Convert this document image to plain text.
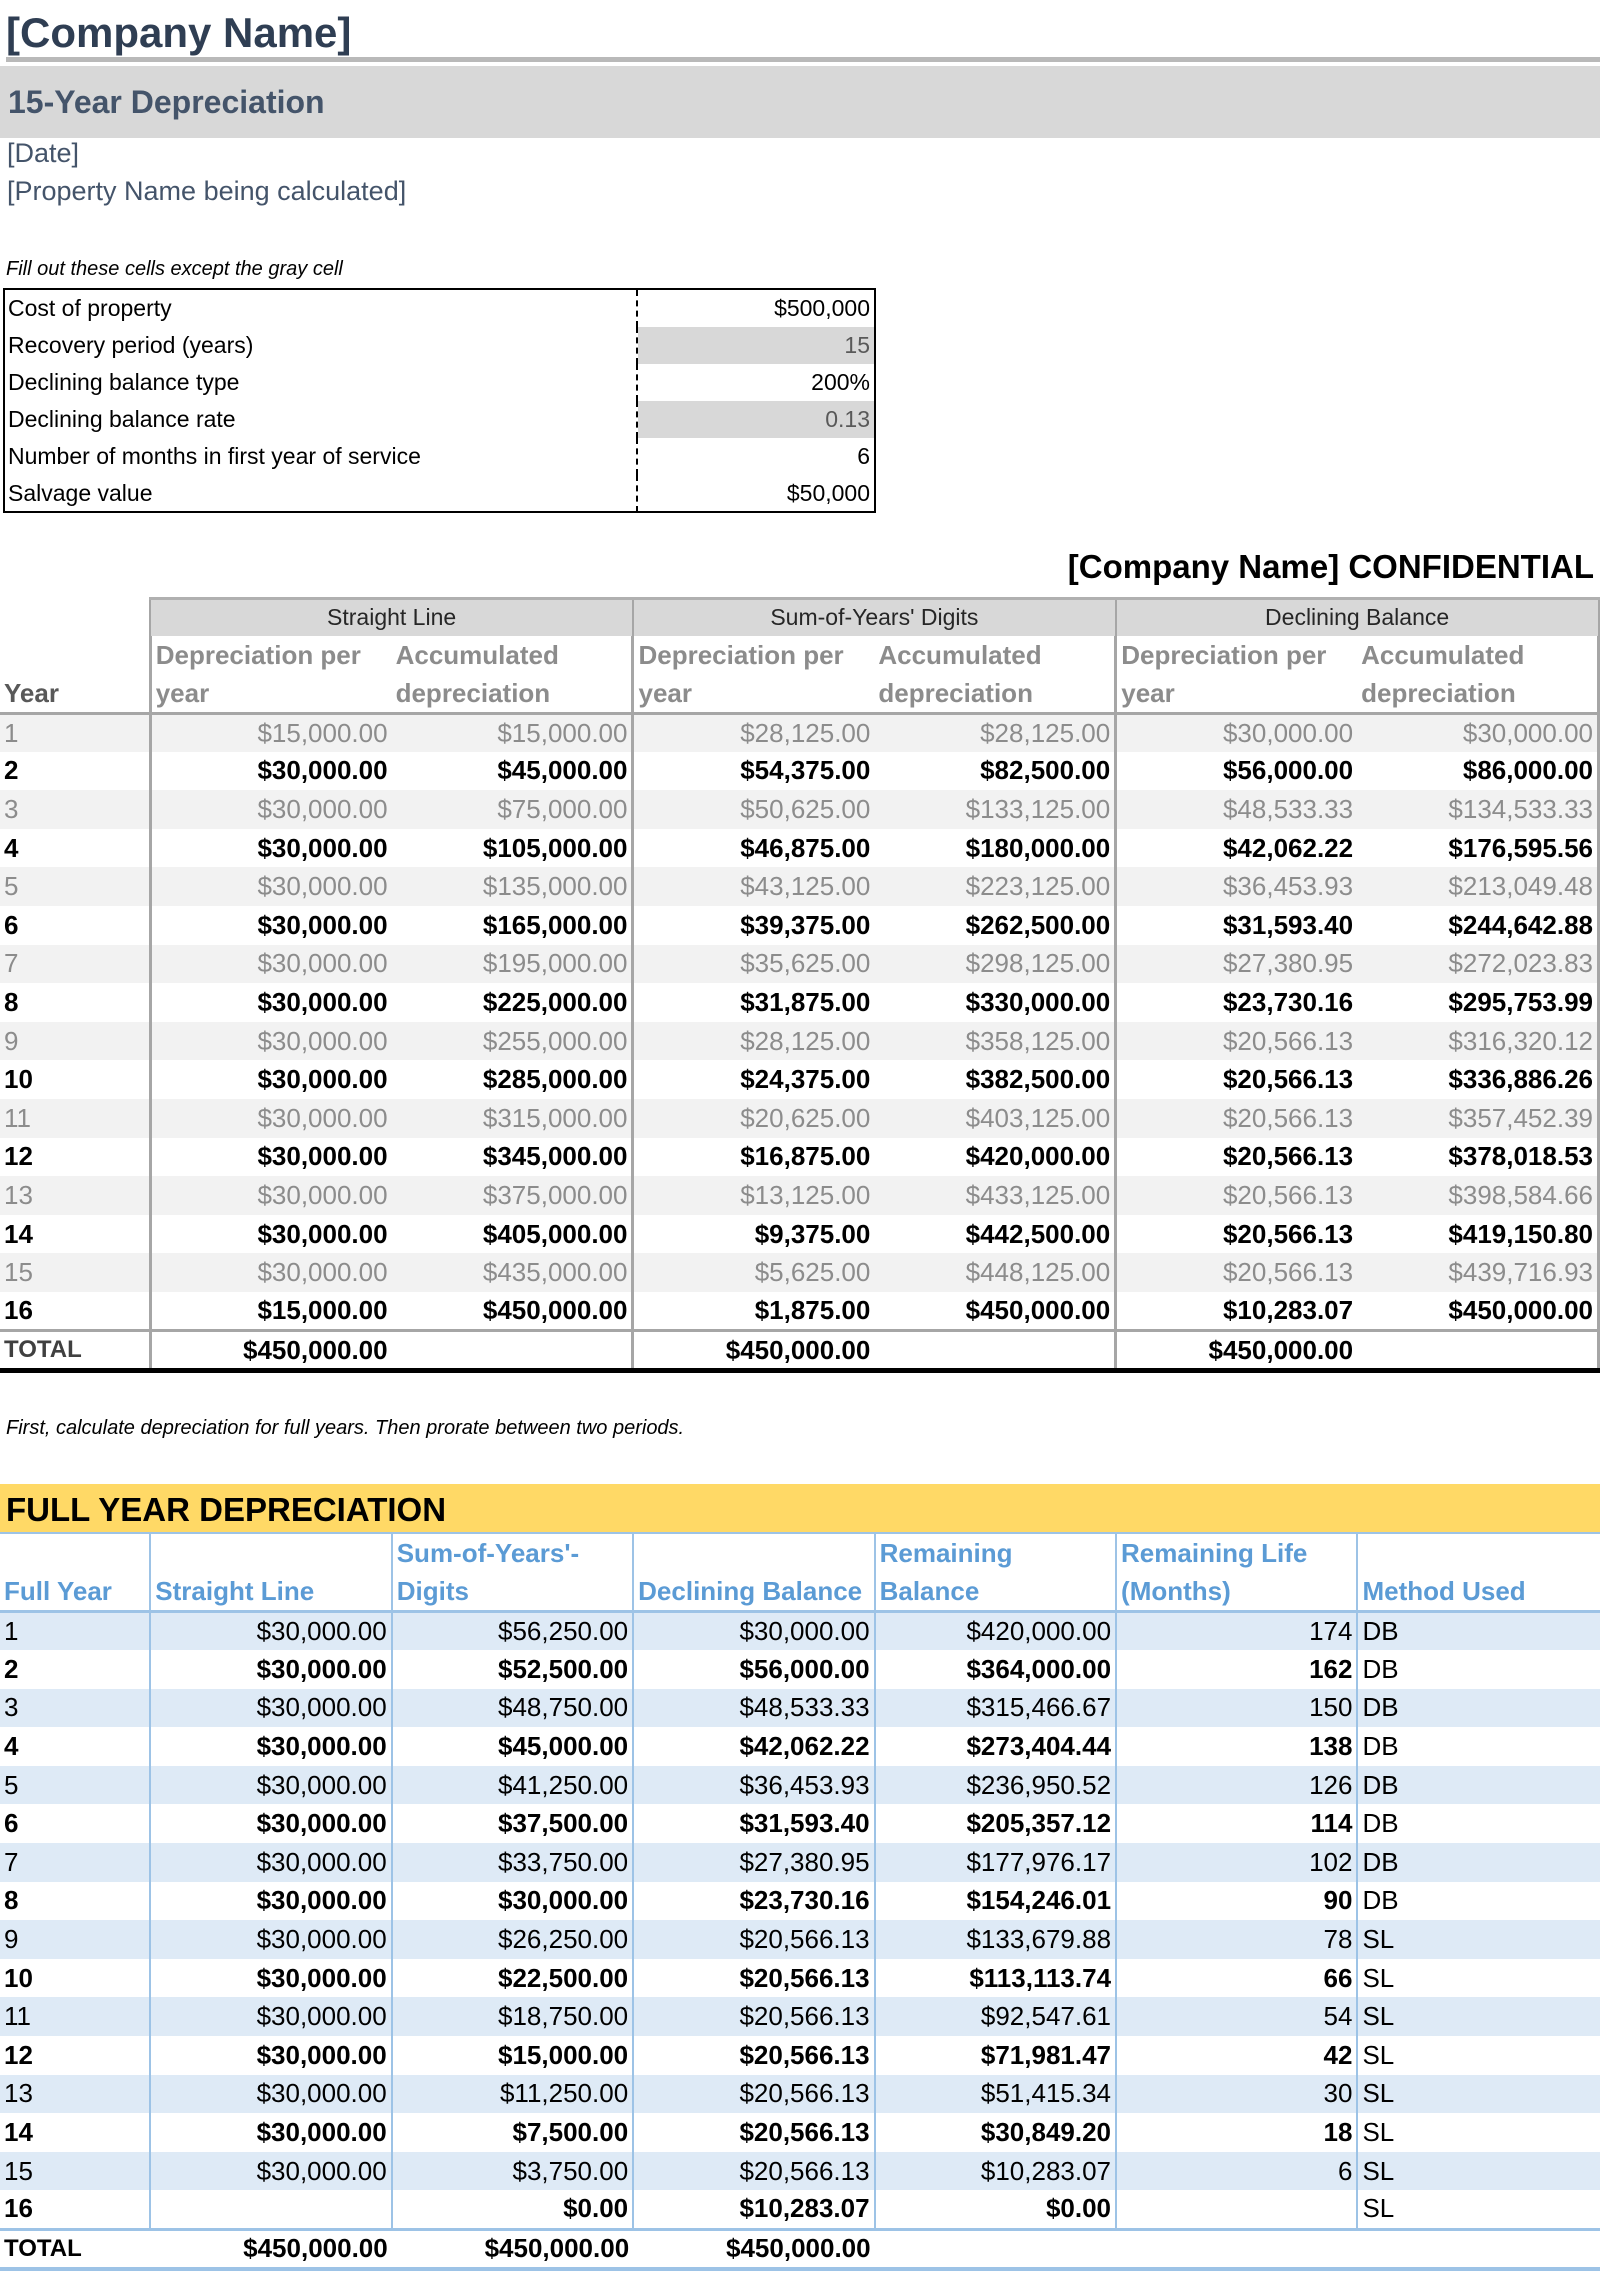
[Company Name]
15-Year Depreciation
[Date]
[Property Name being calculated]
Fill out these cells except the gray cell
Cost of property	$500,000
Recovery period (years)	15
Declining balance type	200%
Declining balance rate	0.13
Number of months in first year of service	6
Salvage value	$50,000
[Company Name] CONFIDENTIAL
	Straight Line		Sum-of-Years' Digits		Declining Balance	
Year	Depreciation per year	Accumulated depreciation	Depreciation per year	Accumulated depreciation	Depreciation per year	Accumulated depreciation
1	$15,000.00	$15,000.00	$28,125.00	$28,125.00	$30,000.00	$30,000.00
2	$30,000.00	$45,000.00	$54,375.00	$82,500.00	$56,000.00	$86,000.00
3	$30,000.00	$75,000.00	$50,625.00	$133,125.00	$48,533.33	$134,533.33
4	$30,000.00	$105,000.00	$46,875.00	$180,000.00	$42,062.22	$176,595.56
5	$30,000.00	$135,000.00	$43,125.00	$223,125.00	$36,453.93	$213,049.48
6	$30,000.00	$165,000.00	$39,375.00	$262,500.00	$31,593.40	$244,642.88
7	$30,000.00	$195,000.00	$35,625.00	$298,125.00	$27,380.95	$272,023.83
8	$30,000.00	$225,000.00	$31,875.00	$330,000.00	$23,730.16	$295,753.99
9	$30,000.00	$255,000.00	$28,125.00	$358,125.00	$20,566.13	$316,320.12
10	$30,000.00	$285,000.00	$24,375.00	$382,500.00	$20,566.13	$336,886.26
11	$30,000.00	$315,000.00	$20,625.00	$403,125.00	$20,566.13	$357,452.39
12	$30,000.00	$345,000.00	$16,875.00	$420,000.00	$20,566.13	$378,018.53
13	$30,000.00	$375,000.00	$13,125.00	$433,125.00	$20,566.13	$398,584.66
14	$30,000.00	$405,000.00	$9,375.00	$442,500.00	$20,566.13	$419,150.80
15	$30,000.00	$435,000.00	$5,625.00	$448,125.00	$20,566.13	$439,716.93
16	$15,000.00	$450,000.00	$1,875.00	$450,000.00	$10,283.07	$450,000.00
TOTAL	$450,000.00		$450,000.00		$450,000.00	
First, calculate depreciation for full years. Then prorate between two periods.
FULL YEAR DEPRECIATION
Full Year	Straight Line	Sum-of-Years'-Digits	Declining Balance	Remaining Balance	Remaining Life (Months)	Method Used
1	$30,000.00	$56,250.00	$30,000.00	$420,000.00	174	DB
2	$30,000.00	$52,500.00	$56,000.00	$364,000.00	162	DB
3	$30,000.00	$48,750.00	$48,533.33	$315,466.67	150	DB
4	$30,000.00	$45,000.00	$42,062.22	$273,404.44	138	DB
5	$30,000.00	$41,250.00	$36,453.93	$236,950.52	126	DB
6	$30,000.00	$37,500.00	$31,593.40	$205,357.12	114	DB
7	$30,000.00	$33,750.00	$27,380.95	$177,976.17	102	DB
8	$30,000.00	$30,000.00	$23,730.16	$154,246.01	90	DB
9	$30,000.00	$26,250.00	$20,566.13	$133,679.88	78	SL
10	$30,000.00	$22,500.00	$20,566.13	$113,113.74	66	SL
11	$30,000.00	$18,750.00	$20,566.13	$92,547.61	54	SL
12	$30,000.00	$15,000.00	$20,566.13	$71,981.47	42	SL
13	$30,000.00	$11,250.00	$20,566.13	$51,415.34	30	SL
14	$30,000.00	$7,500.00	$20,566.13	$30,849.20	18	SL
15	$30,000.00	$3,750.00	$20,566.13	$10,283.07	6	SL
16		$0.00	$10,283.07	$0.00		SL
TOTAL	$450,000.00	$450,000.00	$450,000.00			
